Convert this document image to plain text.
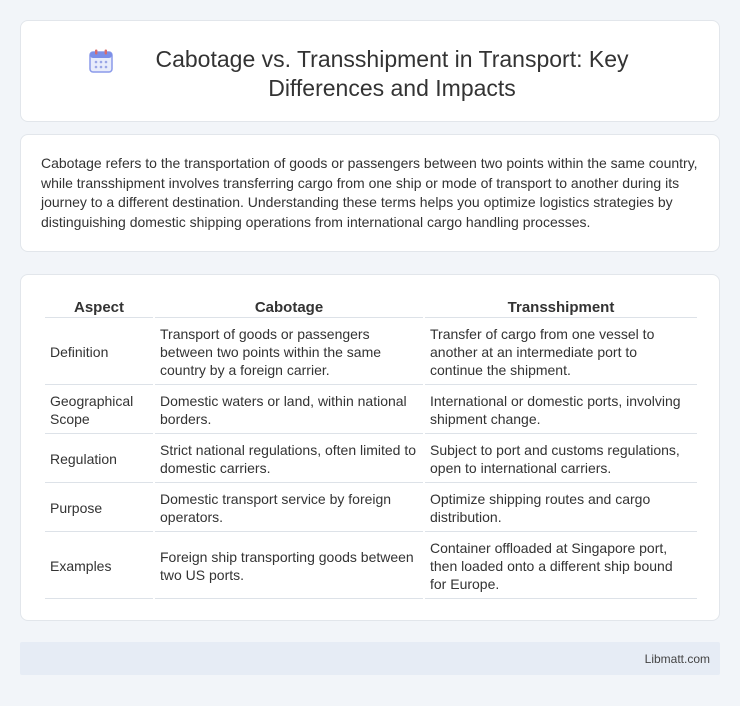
Cabotage vs. Transshipment in Transport: Key Differences and Impacts

Cabotage refers to the transportation of goods or passengers between two points within the same country, while transshipment involves transferring cargo from one ship or mode of transport to another during its journey to a different destination. Understanding these terms helps you optimize logistics strategies by distinguishing domestic shipping operations from international cargo handling processes.

Aspect	Cabotage	Transshipment
Definition	Transport of goods or passengers between two points within the same country by a foreign carrier.	Transfer of cargo from one vessel to another at an intermediate port to continue the shipment.
Geographical Scope	Domestic waters or land, within national borders.	International or domestic ports, involving shipment change.
Regulation	Strict national regulations, often limited to domestic carriers.	Subject to port and customs regulations, open to international carriers.
Purpose	Domestic transport service by foreign operators.	Optimize shipping routes and cargo distribution.
Examples	Foreign ship transporting goods between two US ports.	Container offloaded at Singapore port, then loaded onto a different ship bound for Europe.
Libmatt.com
